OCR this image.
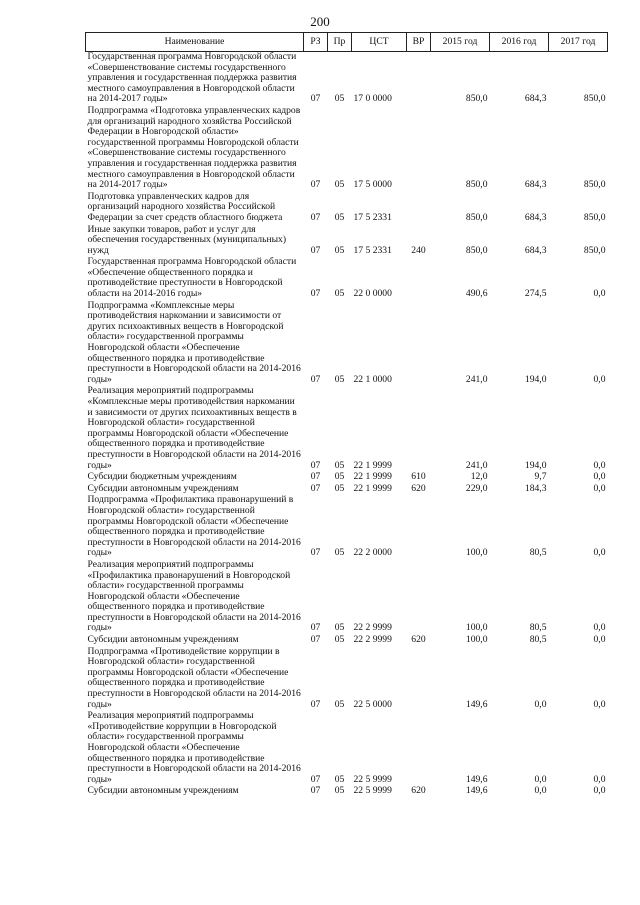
200
Наименование	РЗ	Пр	ЦСТ	ВР	2015 год	2016 год	2017 год
Государственная программа Новгородской области «Совершенствование системы государственного управления и государственная поддержка развития местного самоуправления в Новгородской области на 2014-2017 годы»	07	05	17 0 0000		850,0	684,3	850,0
Подпрограмма «Подготовка управленческих кадров для организаций народного хозяйства Российской Федерации в Новгородской области» государственной программы Новгородской области «Совершенствование системы государственного управления и государственная поддержка развития местного самоуправления в Новгородской области на 2014-2017 годы»	07	05	17 5 0000		850,0	684,3	850,0
Подготовка управленческих кадров для организаций народного хозяйства Российской Федерации за счет средств областного бюджета	07	05	17 5 2331		850,0	684,3	850,0
Иные закупки товаров, работ и услуг для обеспечения государственных (муниципальных) нужд	07	05	17 5 2331	240	850,0	684,3	850,0
Государственная программа Новгородской области «Обеспечение общественного порядка и противодействие преступности в Новгородской области на 2014-2016 годы»	07	05	22 0 0000		490,6	274,5	0,0
Подпрограмма «Комплексные меры противодействия наркомании и зависимости от других психоактивных веществ в Новгородской области» государственной программы Новгородской области «Обеспечение общественного порядка и противодействие преступности в Новгородской области на 2014-2016 годы»	07	05	22 1 0000		241,0	194,0	0,0
Реализация мероприятий подпрограммы «Комплексные меры противодействия наркомании и зависимости от других психоактивных веществ в Новгородской области» государственной программы Новгородской области «Обеспечение общественного порядка и противодействие преступности в Новгородской области на 2014-2016 годы»	07	05	22 1 9999		241,0	194,0	0,0
Субсидии бюджетным учреждениям	07	05	22 1 9999	610	12,0	9,7	0,0
Субсидии автономным учреждениям	07	05	22 1 9999	620	229,0	184,3	0,0
Подпрограмма «Профилактика правонарушений в Новгородской области» государственной программы Новгородской области «Обеспечение общественного порядка и противодействие преступности в Новгородской области на 2014-2016 годы»	07	05	22 2 0000		100,0	80,5	0,0
Реализация мероприятий подпрограммы «Профилактика правонарушений в Новгородской области» государственной программы Новгородской области «Обеспечение общественного порядка и противодействие преступности в Новгородской области на 2014-2016 годы»	07	05	22 2 9999		100,0	80,5	0,0
Субсидии автономным учреждениям	07	05	22 2 9999	620	100,0	80,5	0,0
Подпрограмма «Противодействие коррупции в Новгородской области» государственной программы Новгородской области «Обеспечение общественного порядка и противодействие преступности в Новгородской области на 2014-2016 годы»	07	05	22 5 0000		149,6	0,0	0,0
Реализация мероприятий подпрограммы «Противодействие коррупции в Новгородской области» государственной программы Новгородской области «Обеспечение общественного порядка и противодействие преступности в Новгородской области на 2014-2016 годы»	07	05	22 5 9999		149,6	0,0	0,0
Субсидии автономным учреждениям	07	05	22 5 9999	620	149,6	0,0	0,0
